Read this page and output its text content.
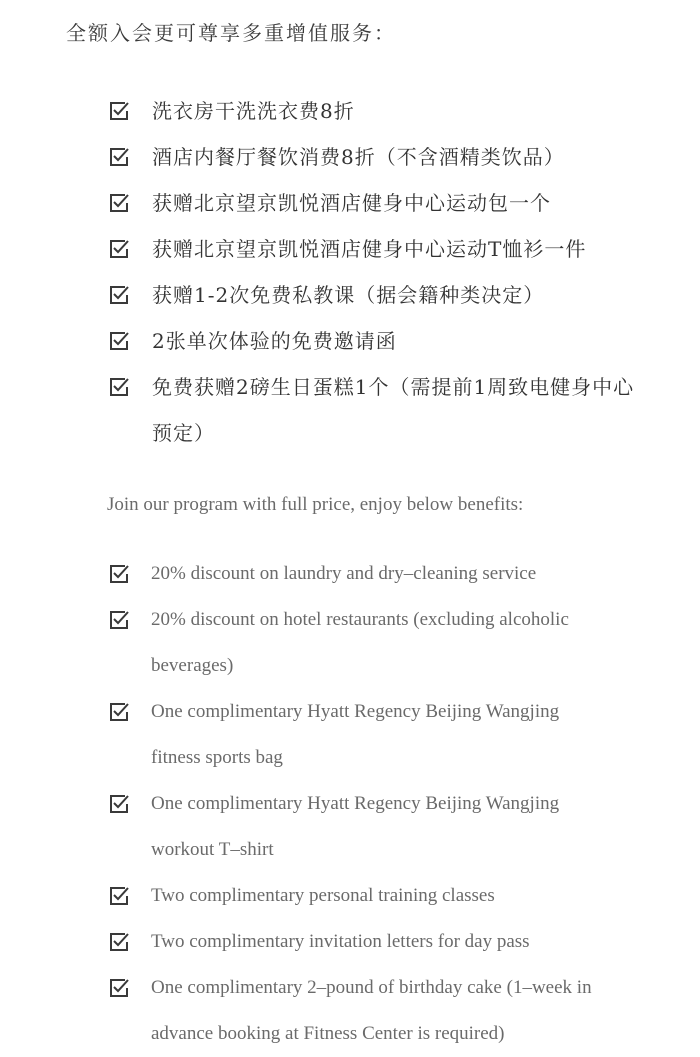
全额入会更可尊享多重增值服务：
洗衣房干洗洗衣费8折
酒店内餐厅餐饮消费8折（不含酒精类饮品）
获赠北京望京凯悦酒店健身中心运动包一个
获赠北京望京凯悦酒店健身中心运动T恤衫一件
获赠1-2次免费私教课（据会籍种类决定）
2张单次体验的免费邀请函
免费获赠2磅生日蛋糕1个（需提前1周致电健身中心预定）
Join our program with full price, enjoy below benefits:
20% discount on laundry and dry–cleaning service
20% discount on hotel restaurants (excluding alcoholic beverages)
One complimentary Hyatt Regency Beijing Wangjing fitness sports bag
One complimentary Hyatt Regency Beijing Wangjing workout T–shirt
Two complimentary personal training classes
Two complimentary invitation letters for day pass
One complimentary 2–pound of birthday cake (1–week in advance booking at Fitness Center is required)
